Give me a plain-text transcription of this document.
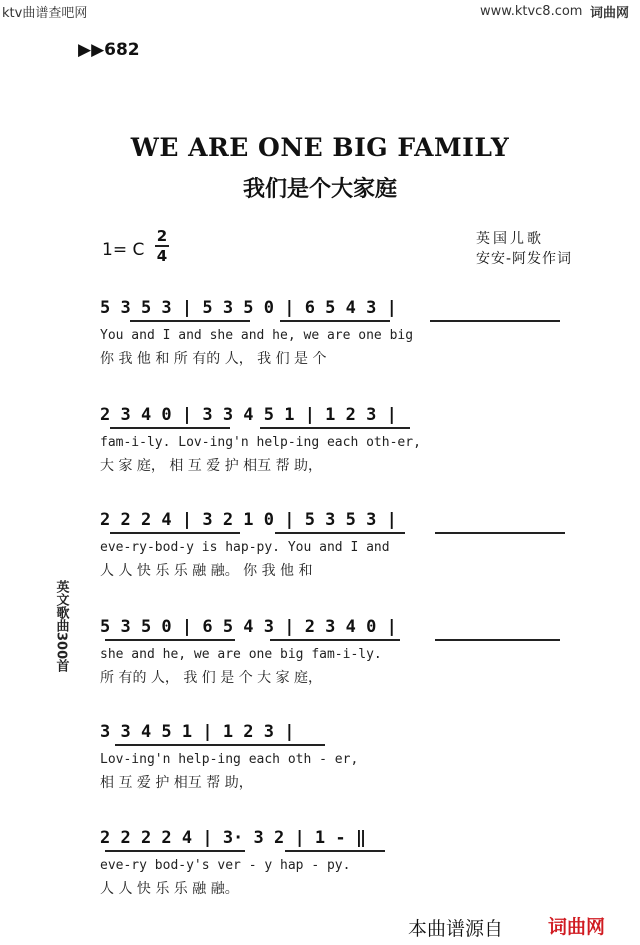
ktv曲谱查吧网	www.ktvc8.com 词曲网
▶▶682
WE ARE ONE BIG FAMILY
我们是个大家庭
1= C
2
4
英国儿歌
安安-阿发作词
英文歌曲300首
5 3 5 3 | 5 3 5 0 | 6 5 4 3 |
You and I and she and he, we are one big
你 我 他 和 所 有的 人， 我 们 是 个
2 3 4 0 | 3 3 4 5 1 | 1 2 3 |
fam-i-ly. Lov-ing'n help-ing each oth-er,
大 家 庭， 相 互 爱 护 相互 帮 助，
2 2 2 4 | 3 2 1 0 | 5 3 5 3 |
eve-ry-bod-y is hap-py. You and I and
人 人 快 乐 乐 融 融。 你 我 他 和
5 3 5 0 | 6 5 4 3 | 2 3 4 0 |
she and he, we are one big fam-i-ly.
所 有的 人， 我 们 是 个 大 家 庭，
3 3 4 5 1 | 1 2 3 |
Lov-ing'n help-ing each oth - er,
相 互 爱 护 相互 帮 助，
2 2 2 2 4 | 3· 3 2 | 1 - ‖
eve-ry bod-y's ver - y hap - py.
人 人 快 乐 乐 融 融。
本曲谱源自 词曲网
